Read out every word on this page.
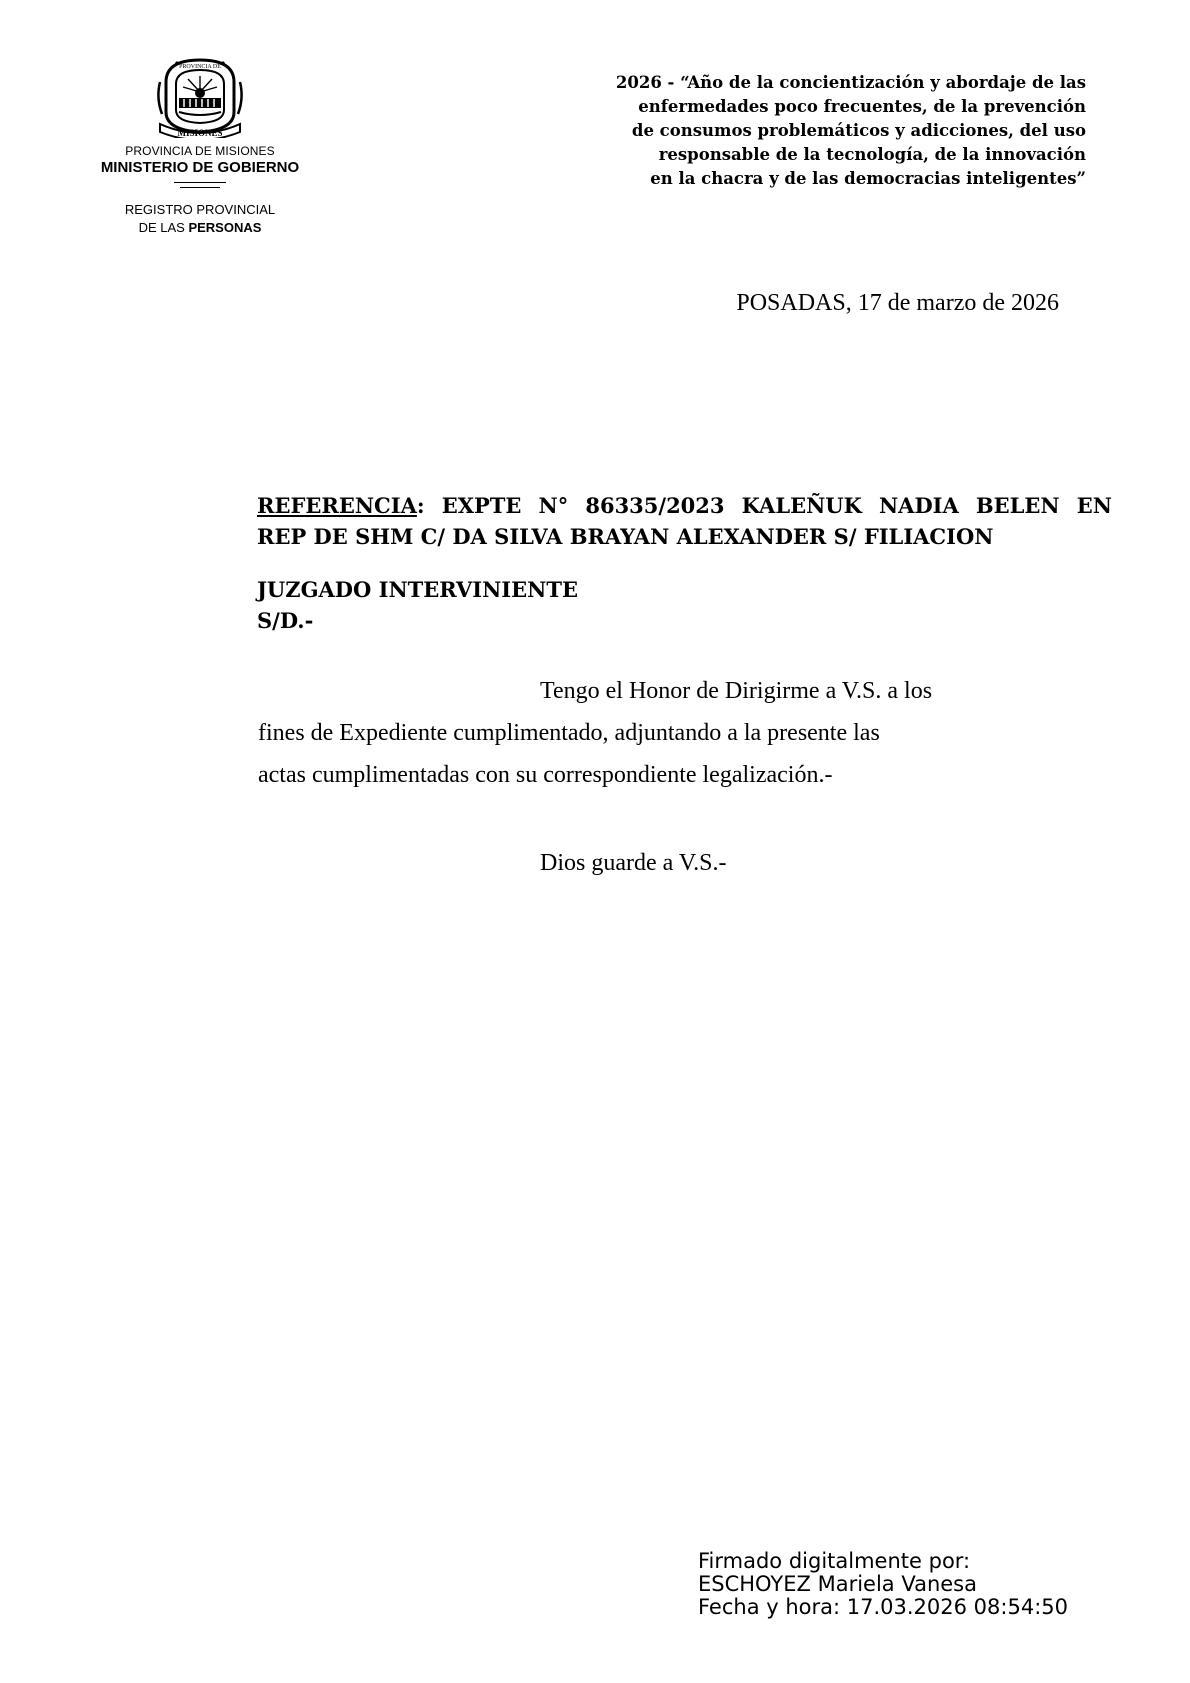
MISIONES
PROVINCIA DE
PROVINCIA DE MISIONES
MINISTERIO DE GOBIERNO
REGISTRO PROVINCIAL
DE LAS PERSONAS
2026 - “Año de la concientización y abordaje de las
enfermedades poco frecuentes, de la prevención
de consumos problemáticos y adicciones, del uso
responsable de la tecnología, de la innovación
en la chacra y de las democracias inteligentes”
POSADAS, 17 de marzo de 2026
REFERENCIA: EXPTE N° 86335/2023 KALEÑUK NADIA BELEN EN
REP DE SHM C/ DA SILVA BRAYAN ALEXANDER S/ FILIACION
JUZGADO INTERVINIENTE
S/D.-
Tengo el Honor de Dirigirme a V.S. a los
fines de Expediente cumplimentado, adjuntando a la presente las
actas cumplimentadas con su correspondiente legalización.-
Dios guarde a V.S.-
Firmado digitalmente por:
ESCHOYEZ Mariela Vanesa
Fecha y hora: 17.03.2026 08:54:50
